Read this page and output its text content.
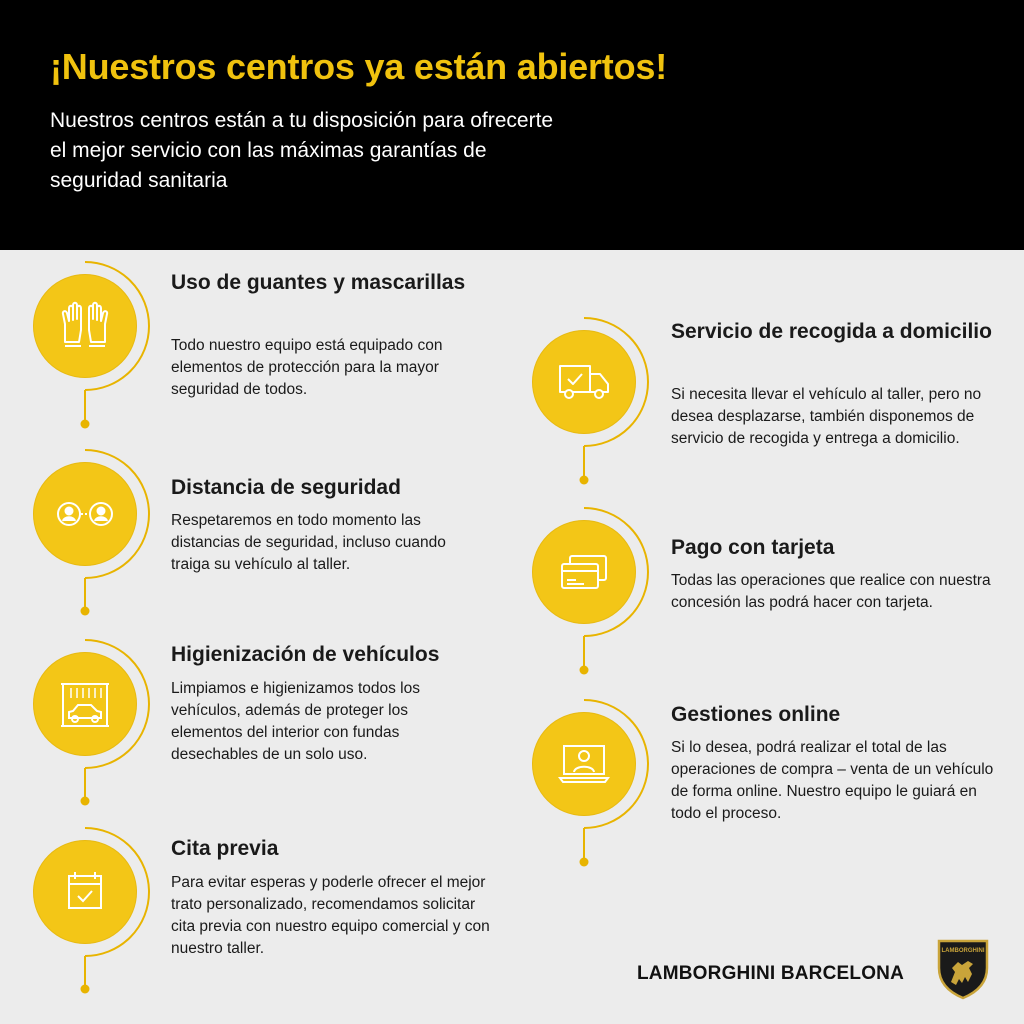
¡Nuestros centros ya están abiertos!

Nuestros centros están a tu disposición para ofrecerte el mejor servicio con las máximas garantías de seguridad sanitaria

Uso de guantes y mascarillas

Todo nuestro equipo está equipado con elementos de protección para la mayor seguridad de todos.

Distancia de seguridad

Respetaremos en todo momento las distancias de seguridad, incluso cuando traiga su vehículo al taller.

Higienización de vehículos

Limpiamos e higienizamos todos los vehículos, además de proteger los elementos del interior con fundas desechables de un solo uso.

Cita previa

Para evitar esperas y poderle ofrecer el mejor trato personalizado, recomendamos solicitar cita previa con nuestro equipo comercial y con nuestro taller.

Servicio de recogida a domicilio

Si necesita llevar el vehículo al taller, pero no desea desplazarse, también disponemos de servicio de recogida y entrega a domicilio.

Pago con tarjeta

Todas las operaciones que realice con nuestra concesión las podrá hacer con tarjeta.

Gestiones online

Si lo desea, podrá realizar el total de las operaciones de compra – venta de un vehículo de forma online. Nuestro equipo le guiará en todo el proceso.

LAMBORGHINI BARCELONA
LAMBORGHINI
